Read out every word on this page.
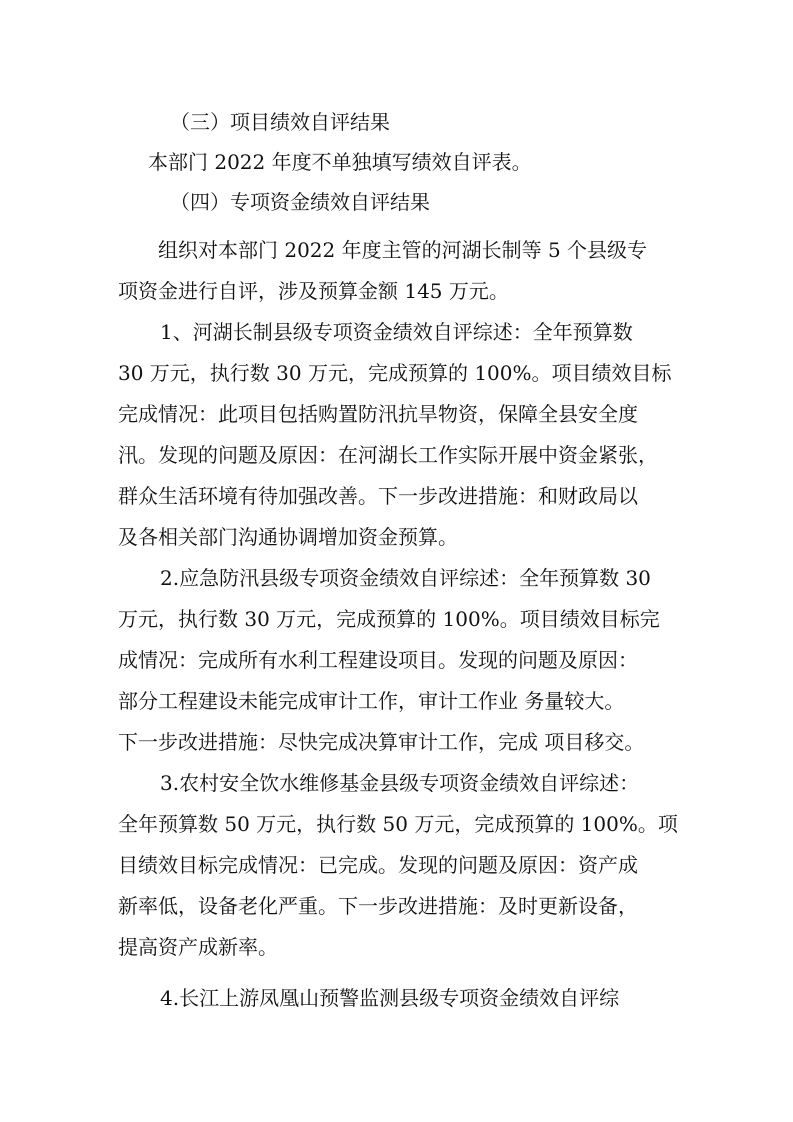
（三）项目绩效自评结果
本部门 2022 年度不单独填写绩效自评表。
（四）专项资金绩效自评结果
组织对本部门 2022 年度主管的河湖长制等 5 个县级专
项资金进行自评，涉及预算金额 145 万元。
1、河湖长制县级专项资金绩效自评综述：全年预算数
30 万元，执行数 30 万元，完成预算的 100%。项目绩效目标
完成情况：此项目包括购置防汛抗旱物资，保障全县安全度
汛。发现的问题及原因：在河湖长工作实际开展中资金紧张，
群众生活环境有待加强改善。下一步改进措施：和财政局以
及各相关部门沟通协调增加资金预算。
2.应急防汛县级专项资金绩效自评综述：全年预算数 30
万元，执行数 30 万元，完成预算的 100%。项目绩效目标完
成情况：完成所有水利工程建设项目。发现的问题及原因：
部分工程建设未能完成审计工作，审计工作业 务量较大。
下一步改进措施：尽快完成决算审计工作，完成 项目移交。
3.农村安全饮水维修基金县级专项资金绩效自评综述：
全年预算数 50 万元，执行数 50 万元，完成预算的 100%。项
目绩效目标完成情况：已完成。发现的问题及原因：资产成
新率低，设备老化严重。下一步改进措施：及时更新设备，
提高资产成新率。
4.长江上游凤凰山预警监测县级专项资金绩效自评综
